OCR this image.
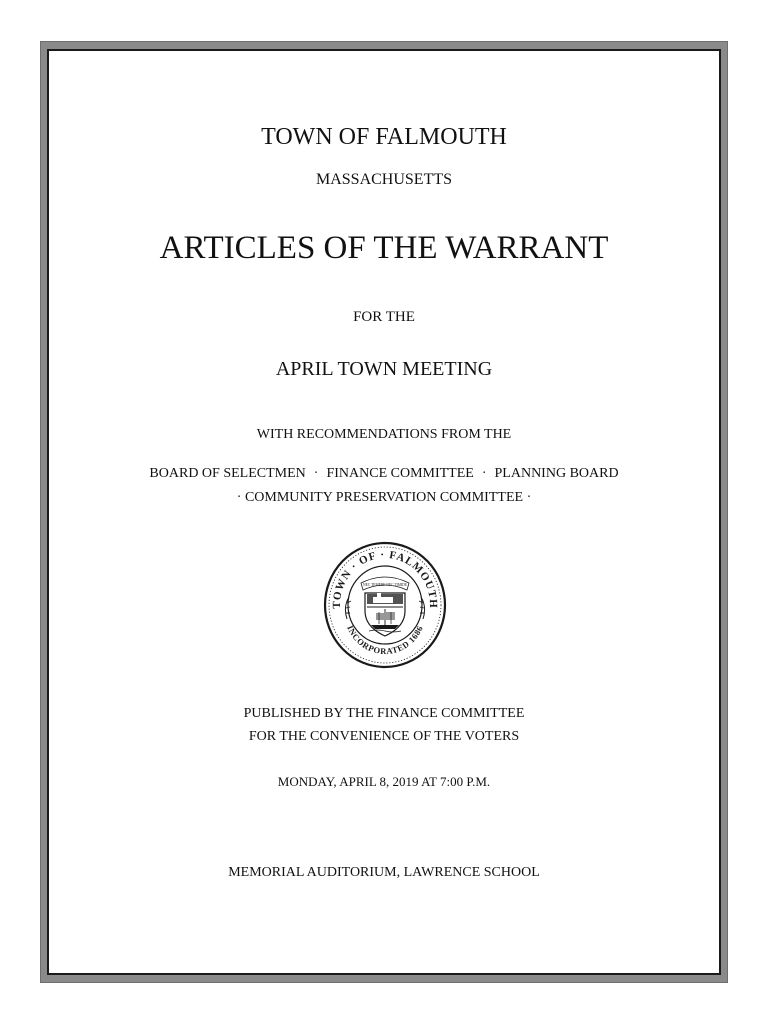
TOWN OF FALMOUTH

MASSACHUSETTS

ARTICLES OF THE WARRANT

FOR THE

APRIL TOWN MEETING

WITH RECOMMENDATIONS FROM THE

BOARD OF SELECTMEN · FINANCE COMMITTEE · PLANNING BOARD

· COMMUNITY PRESERVATION COMMITTEE ·

TOWN · OF · FALMOUTH
INCORPORATED 1686
NEC TEMERE NEC TIMIDE

PUBLISHED BY THE FINANCE COMMITTEE

FOR THE CONVENIENCE OF THE VOTERS

MONDAY, APRIL 8, 2019 AT 7:00 P.M.

MEMORIAL AUDITORIUM, LAWRENCE SCHOOL
